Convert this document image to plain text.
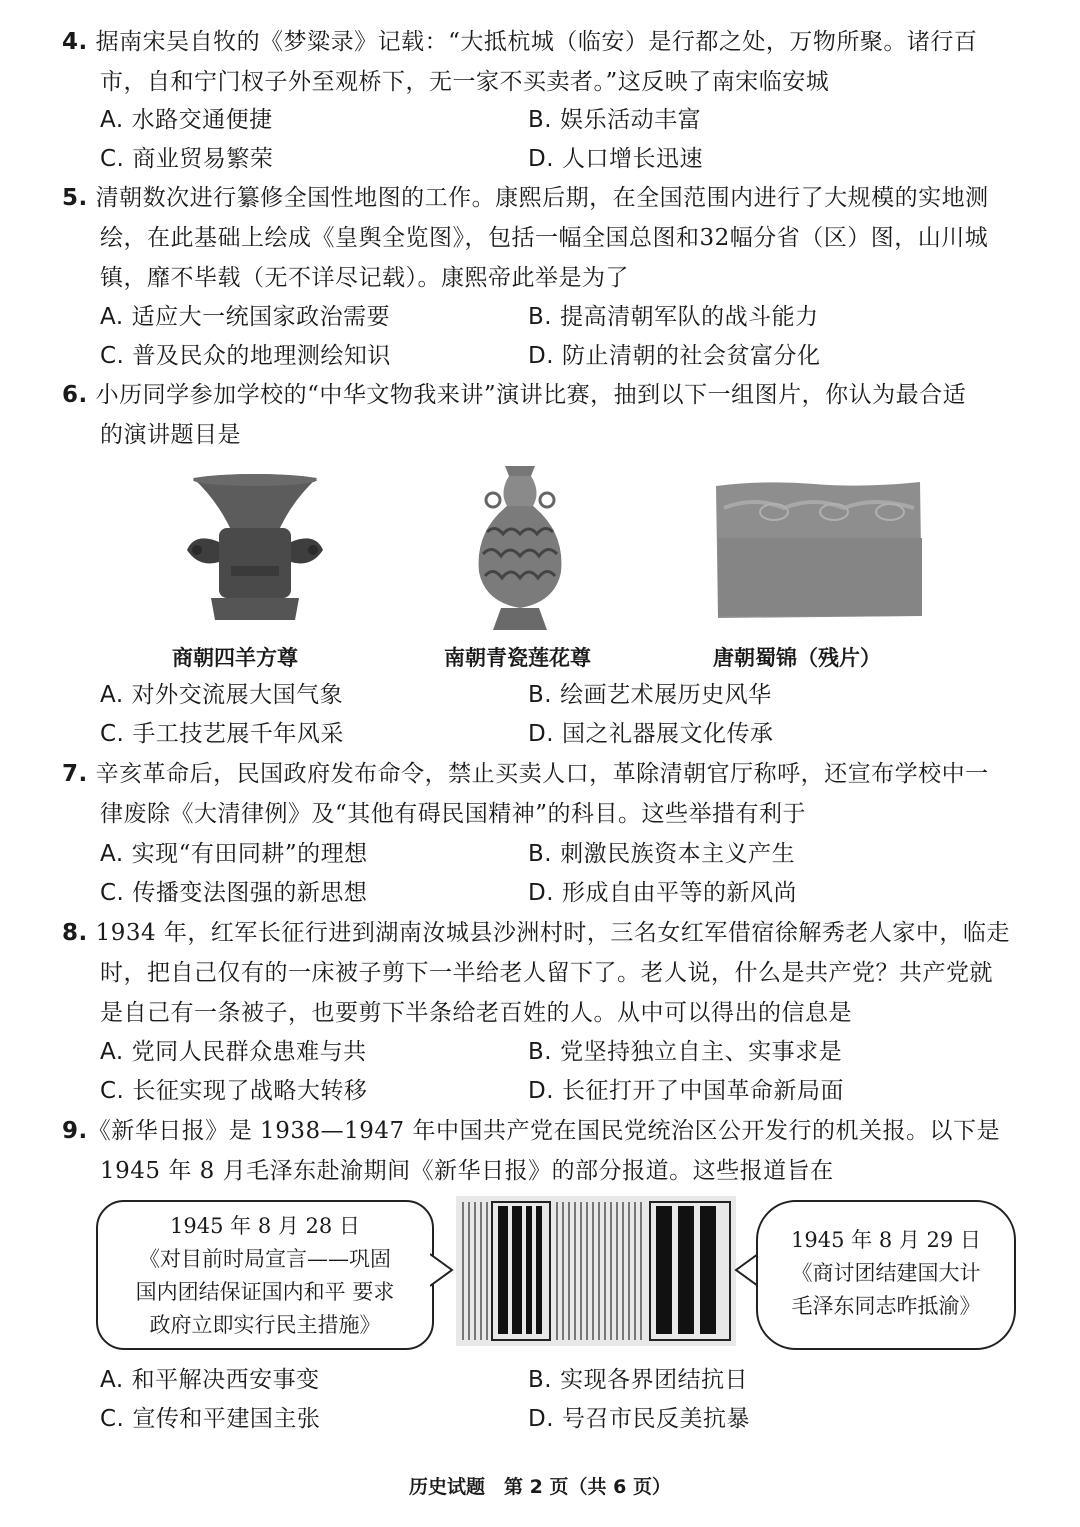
4. 据南宋吴自牧的《梦粱录》记载：“大抵杭城（临安）是行都之处，万物所聚。诸行百
市，自和宁门杈子外至观桥下，无一家不买卖者。”这反映了南宋临安城
A. 水路交通便捷	B. 娱乐活动丰富
C. 商业贸易繁荣	D. 人口增长迅速
5. 清朝数次进行纂修全国性地图的工作。康熙后期，在全国范围内进行了大规模的实地测
绘，在此基础上绘成《皇舆全览图》，包括一幅全国总图和32幅分省（区）图，山川城
镇，靡不毕载（无不详尽记载）。康熙帝此举是为了
A. 适应大一统国家政治需要	B. 提高清朝军队的战斗能力
C. 普及民众的地理测绘知识	D. 防止清朝的社会贫富分化
6. 小历同学参加学校的“中华文物我来讲”演讲比赛，抽到以下一组图片，你认为最合适
的演讲题目是
商朝四羊方尊	南朝青瓷莲花尊	唐朝蜀锦（残片）
A. 对外交流展大国气象	B. 绘画艺术展历史风华
C. 手工技艺展千年风采	D. 国之礼器展文化传承
7. 辛亥革命后，民国政府发布命令，禁止买卖人口，革除清朝官厅称呼，还宣布学校中一
律废除《大清律例》及“其他有碍民国精神”的科目。这些举措有利于
A. 实现“有田同耕”的理想	B. 刺激民族资本主义产生
C. 传播变法图强的新思想	D. 形成自由平等的新风尚
8. 1934 年，红军长征行进到湖南汝城县沙洲村时，三名女红军借宿徐解秀老人家中，临走
时，把自己仅有的一床被子剪下一半给老人留下了。老人说，什么是共产党？共产党就
是自己有一条被子，也要剪下半条给老百姓的人。从中可以得出的信息是
A. 党同人民群众患难与共	B. 党坚持独立自主、实事求是
C. 长征实现了战略大转移	D. 长征打开了中国革命新局面
9.《新华日报》是 1938—1947 年中国共产党在国民党统治区公开发行的机关报。以下是
1945 年 8 月毛泽东赴渝期间《新华日报》的部分报道。这些报道旨在
1945 年 8 月 28 日
《对目前时局宣言——巩固
国内团结保证国内和平 要求
政府立即实行民主措施》
1945 年 8 月 29 日
《商讨团结建国大计
毛泽东同志昨抵渝》
A. 和平解决西安事变	B. 实现各界团结抗日
C. 宣传和平建国主张	D. 号召市民反美抗暴
历史试题　第 2 页（共 6 页）
